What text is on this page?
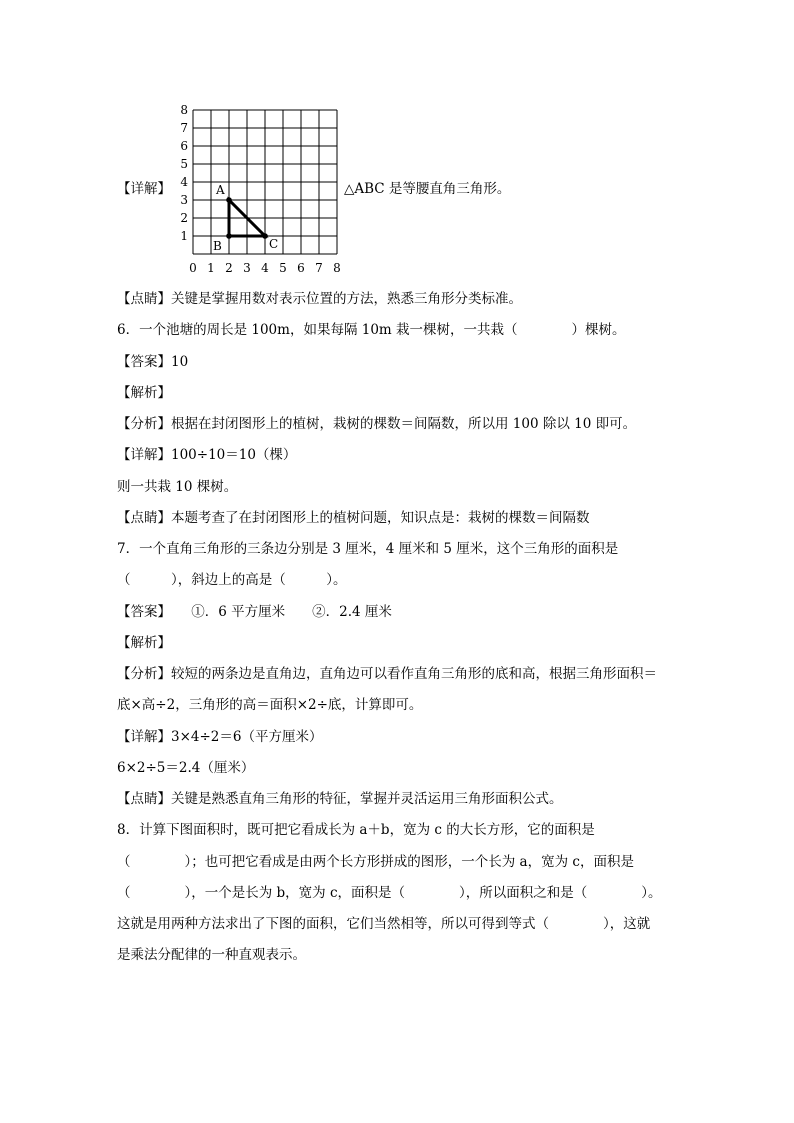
【详解】
0 1 2 3 4 5 6 7 8
1
2
3
4
5
6
7
8
A
B	C
△ABC 是等腰直角三角形。
【点睛】关键是掌握用数对表示位置的方法，熟悉三角形分类标准。
6．一个池塘的周长是 100m，如果每隔 10m 栽一棵树，一共栽（　　　　）棵树。
【答案】10
【解析】
【分析】根据在封闭图形上的植树，栽树的棵数＝间隔数，所以用 100 除以 10 即可。
【详解】100÷10＝10（棵）
则一共栽 10 棵树。
【点睛】本题考查了在封闭图形上的植树问题，知识点是：栽树的棵数＝间隔数
7．一个直角三角形的三条边分别是 3 厘米，4 厘米和 5 厘米，这个三角形的面积是
（　　　），斜边上的高是（　　　）。
【答案】　　①．6 平方厘米　　②．2.4 厘米
【解析】
【分析】较短的两条边是直角边，直角边可以看作直角三角形的底和高，根据三角形面积＝
底×高÷2，三角形的高＝面积×2÷底，计算即可。
【详解】3×4÷2＝6（平方厘米）
6×2÷5＝2.4（厘米）
【点睛】关键是熟悉直角三角形的特征，掌握并灵活运用三角形面积公式。
8．计算下图面积时，既可把它看成长为 a＋b，宽为 c 的大长方形，它的面积是
（　　　　）；也可把它看成是由两个长方形拼成的图形，一个长为 a，宽为 c，面积是
（　　　　），一个是长为 b，宽为 c，面积是（　　　　），所以面积之和是（　　　　）。
这就是用两种方法求出了下图的面积，它们当然相等，所以可得到等式（　　　　），这就
是乘法分配律的一种直观表示。
